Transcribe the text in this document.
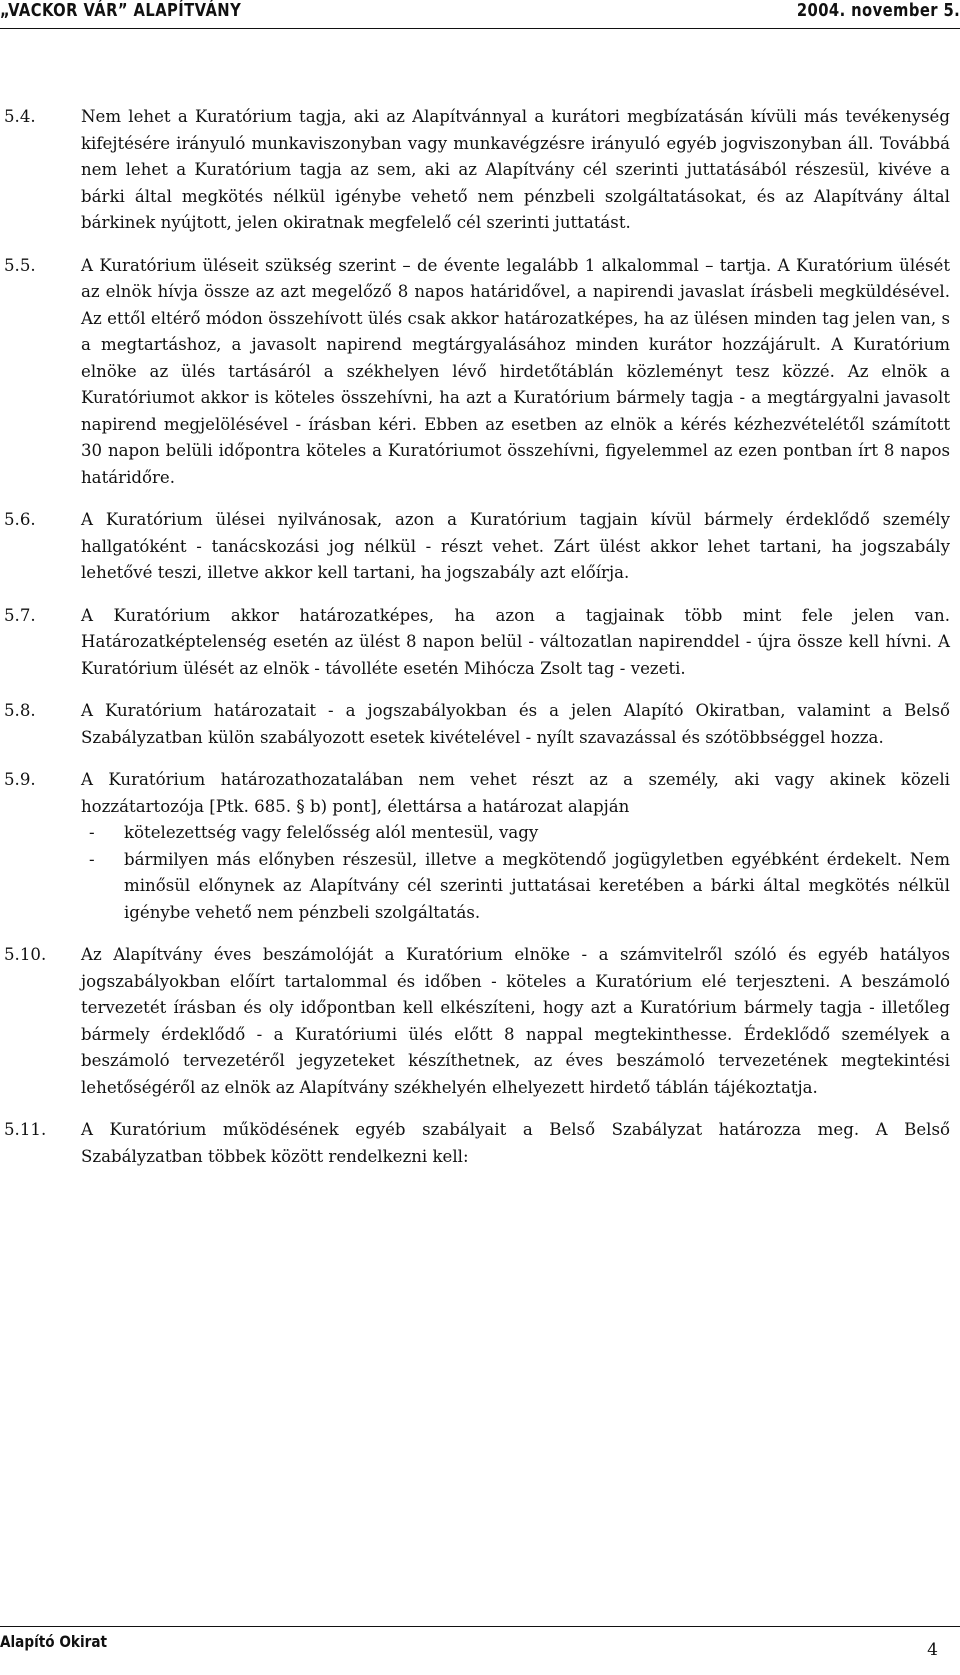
„VACKOR VÁR” ALAPÍTVÁNY	2004. november 5.
5.4.	Nem lehet a Kuratórium tagja, aki az Alapítvánnyal a kurátori megbízatásán kívüli más tevékenység kifejtésére irányuló munkaviszonyban vagy munkavégzésre irányuló egyéb jogviszonyban áll. Továbbá nem lehet a Kuratórium tagja az sem, aki az Alapítvány cél szerinti juttatásából részesül, kivéve a bárki által megkötés nélkül igénybe vehető nem pénzbeli szolgáltatásokat, és az Alapítvány által bárkinek nyújtott, jelen okiratnak megfelelő cél szerinti juttatást.
5.5.	A Kuratórium üléseit szükség szerint – de évente legalább 1 alkalommal – tartja. A Kuratórium ülését az elnök hívja össze az azt megelőző 8 napos határidővel, a napirendi javaslat írásbeli megküldésével. Az ettől eltérő módon összehívott ülés csak akkor határozatképes, ha az ülésen minden tag jelen van, s a megtartáshoz, a javasolt napirend megtárgyalásához minden kurátor hozzájárult. A Kuratórium elnöke az ülés tartásáról a székhelyen lévő hirdetőtáblán közleményt tesz közzé. Az elnök a Kuratóriumot akkor is köteles összehívni, ha azt a Kuratórium bármely tagja - a megtárgyalni javasolt napirend megjelölésével - írásban kéri. Ebben az esetben az elnök a kérés kézhezvételétől számított 30 napon belüli időpontra köteles a Kuratóriumot összehívni, figyelemmel az ezen pontban írt 8 napos határidőre.
5.6.	A Kuratórium ülései nyilvánosak, azon a Kuratórium tagjain kívül bármely érdeklődő személy hallgatóként - tanácskozási jog nélkül - részt vehet. Zárt ülést akkor lehet tartani, ha jogszabály lehetővé teszi, illetve akkor kell tartani, ha jogszabály azt előírja.
5.7.	A Kuratórium akkor határozatképes, ha azon a tagjainak több mint fele jelen van. Határozatképtelenség esetén az ülést 8 napon belül - változatlan napirenddel - újra össze kell hívni. A Kuratórium ülését az elnök - távolléte esetén Mihócza Zsolt tag - vezeti.
5.8.	A Kuratórium határozatait - a jogszabályokban és a jelen Alapító Okiratban, valamint a Belső Szabályzatban külön szabályozott esetek kivételével - nyílt szavazással és szótöbbséggel hozza.
5.9.	A Kuratórium határozathozatalában nem vehet részt az a személy, aki vagy akinek közeli hozzátartozója [Ptk. 685. § b) pont], élettársa a határozat alapján
- kötelezettség vagy felelősség alól mentesül, vagy
- bármilyen más előnyben részesül, illetve a megkötendő jogügyletben egyébként érdekelt. Nem minősül előnynek az Alapítvány cél szerinti juttatásai keretében a bárki által megkötés nélkül igénybe vehető nem pénzbeli szolgáltatás.
5.10. Az Alapítvány éves beszámolóját a Kuratórium elnöke - a számvitelről szóló és egyéb hatályos jogszabályokban előírt tartalommal és időben - köteles a Kuratórium elé terjeszteni. A beszámoló tervezetét írásban és oly időpontban kell elkészíteni, hogy azt a Kuratórium bármely tagja - illetőleg bármely érdeklődő - a Kuratóriumi ülés előtt 8 nappal megtekinthesse. Érdeklődő személyek a beszámoló tervezetéről jegyzeteket készíthetnek, az éves beszámoló tervezetének megtekintési lehetőségéről az elnök az Alapítvány székhelyén elhelyezett hirdető táblán tájékoztatja.
5.11. A Kuratórium működésének egyéb szabályait a Belső Szabályzat határozza meg. A Belső Szabályzatban többek között rendelkezni kell:
Alapító Okirat	4
